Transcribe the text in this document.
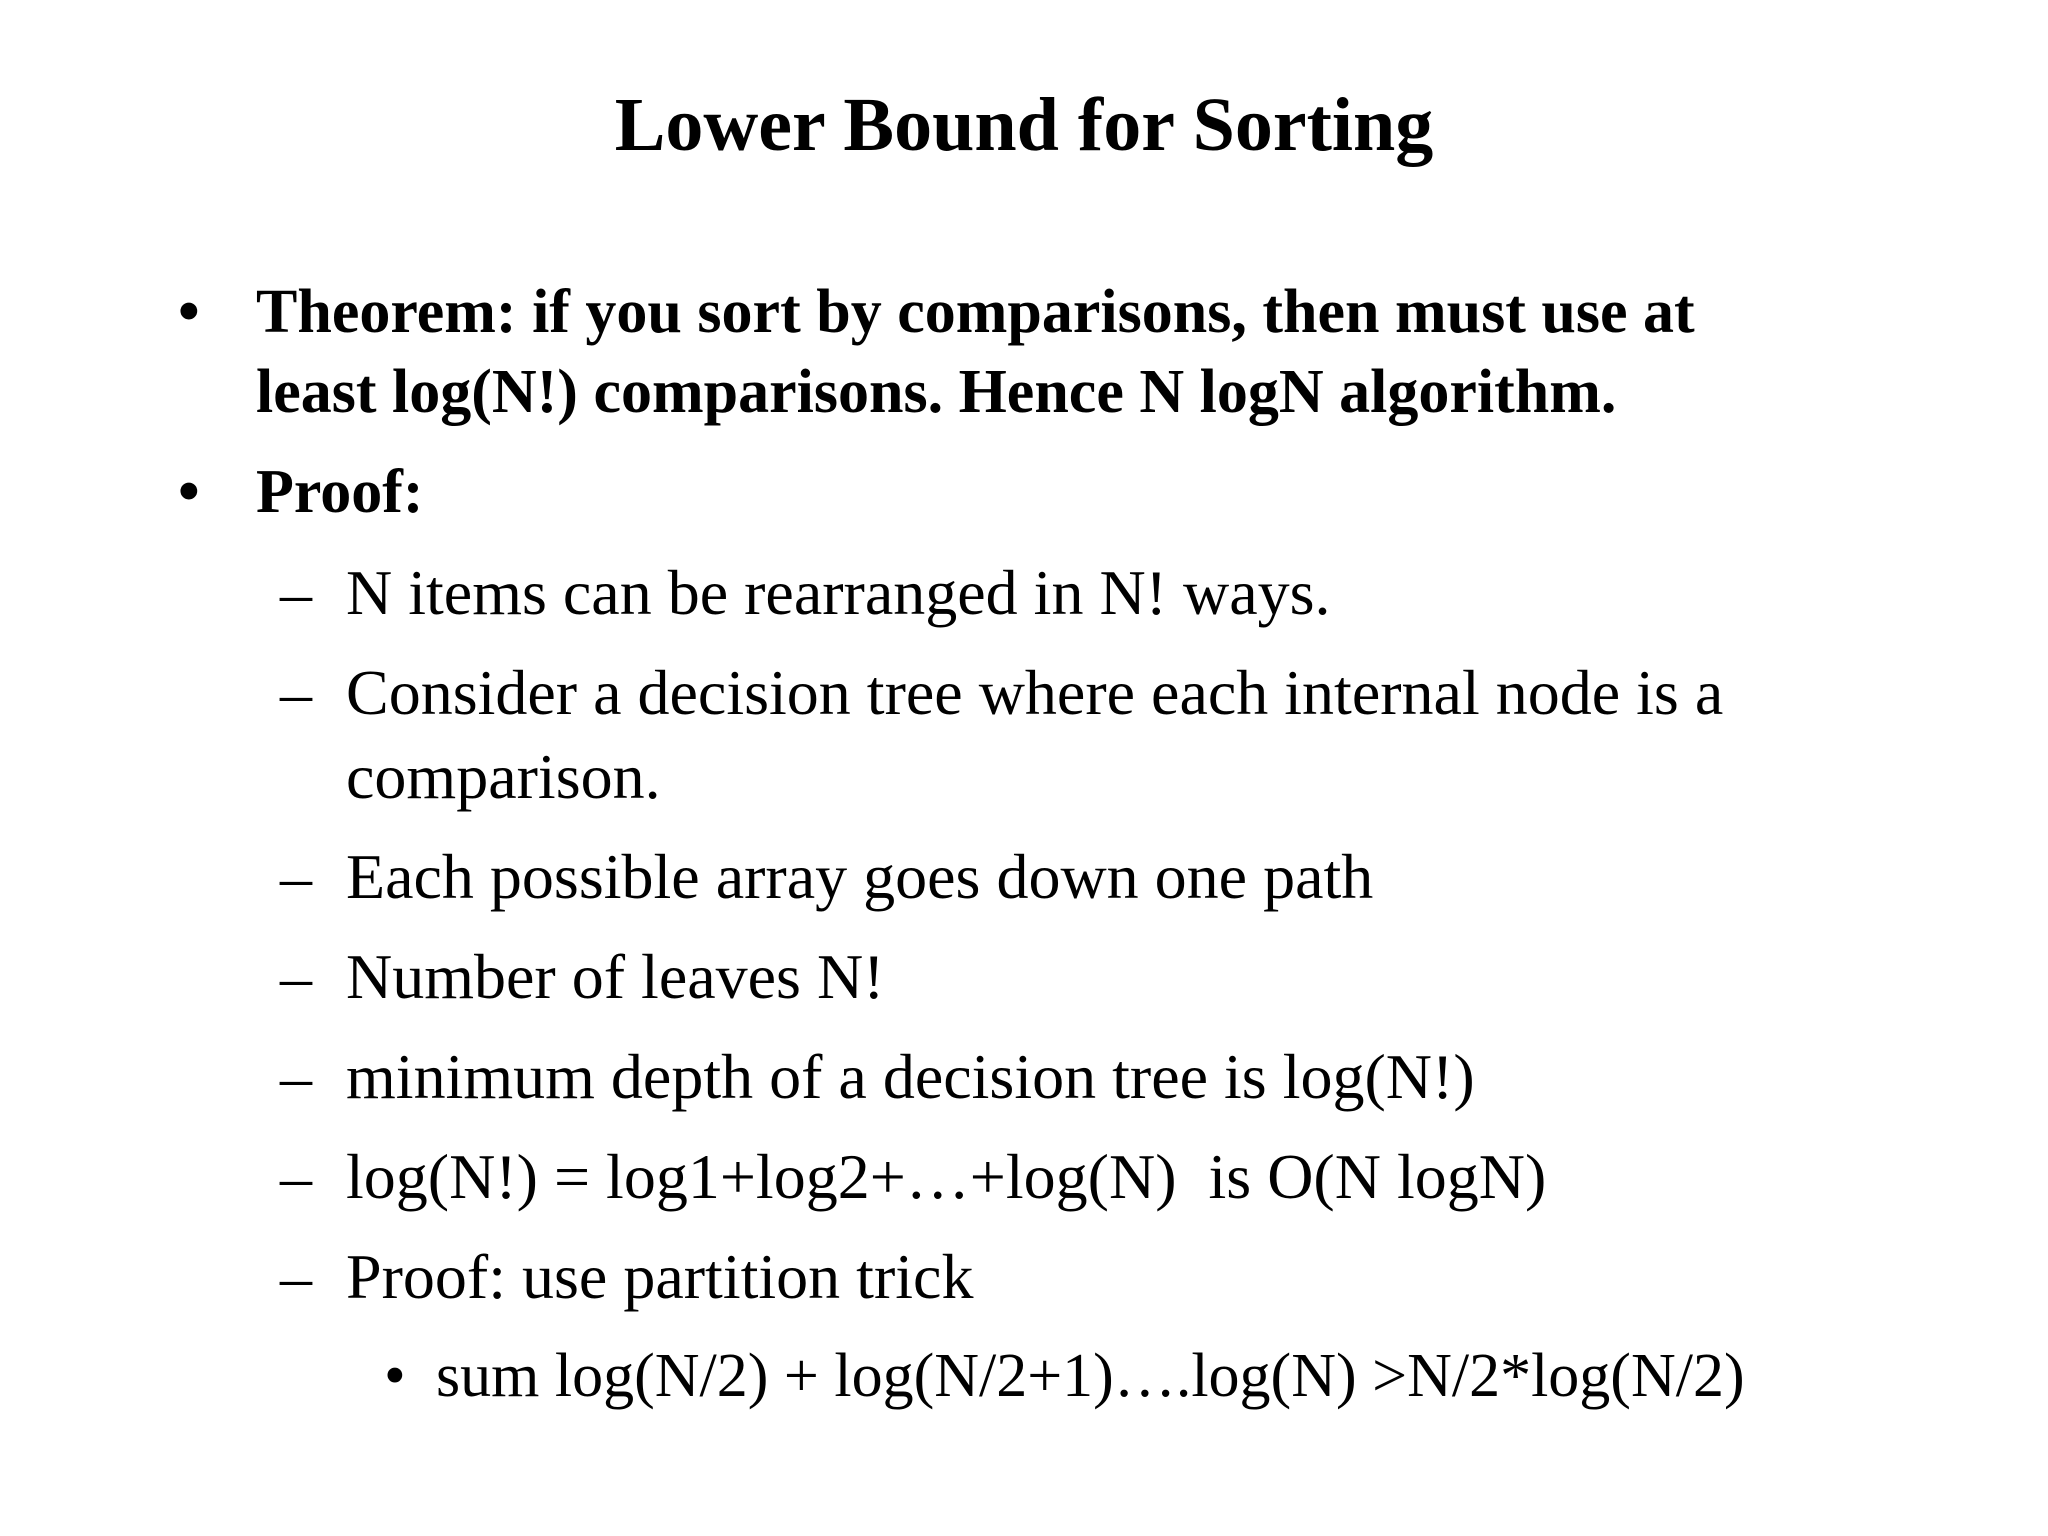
Lower Bound for Sorting
• Theorem: if you sort by comparisons, then must use at
least log(N!) comparisons. Hence N logN algorithm.
• Proof:
– N items can be rearranged in N! ways.
– Consider a decision tree where each internal node is a
comparison.
– Each possible array goes down one path
– Number of leaves N!
– minimum depth of a decision tree is log(N!)
– log(N!) = log1+log2+…+log(N)  is O(N logN)
– Proof: use partition trick
• sum log(N/2) + log(N/2+1)….log(N) >N/2*log(N/2)
